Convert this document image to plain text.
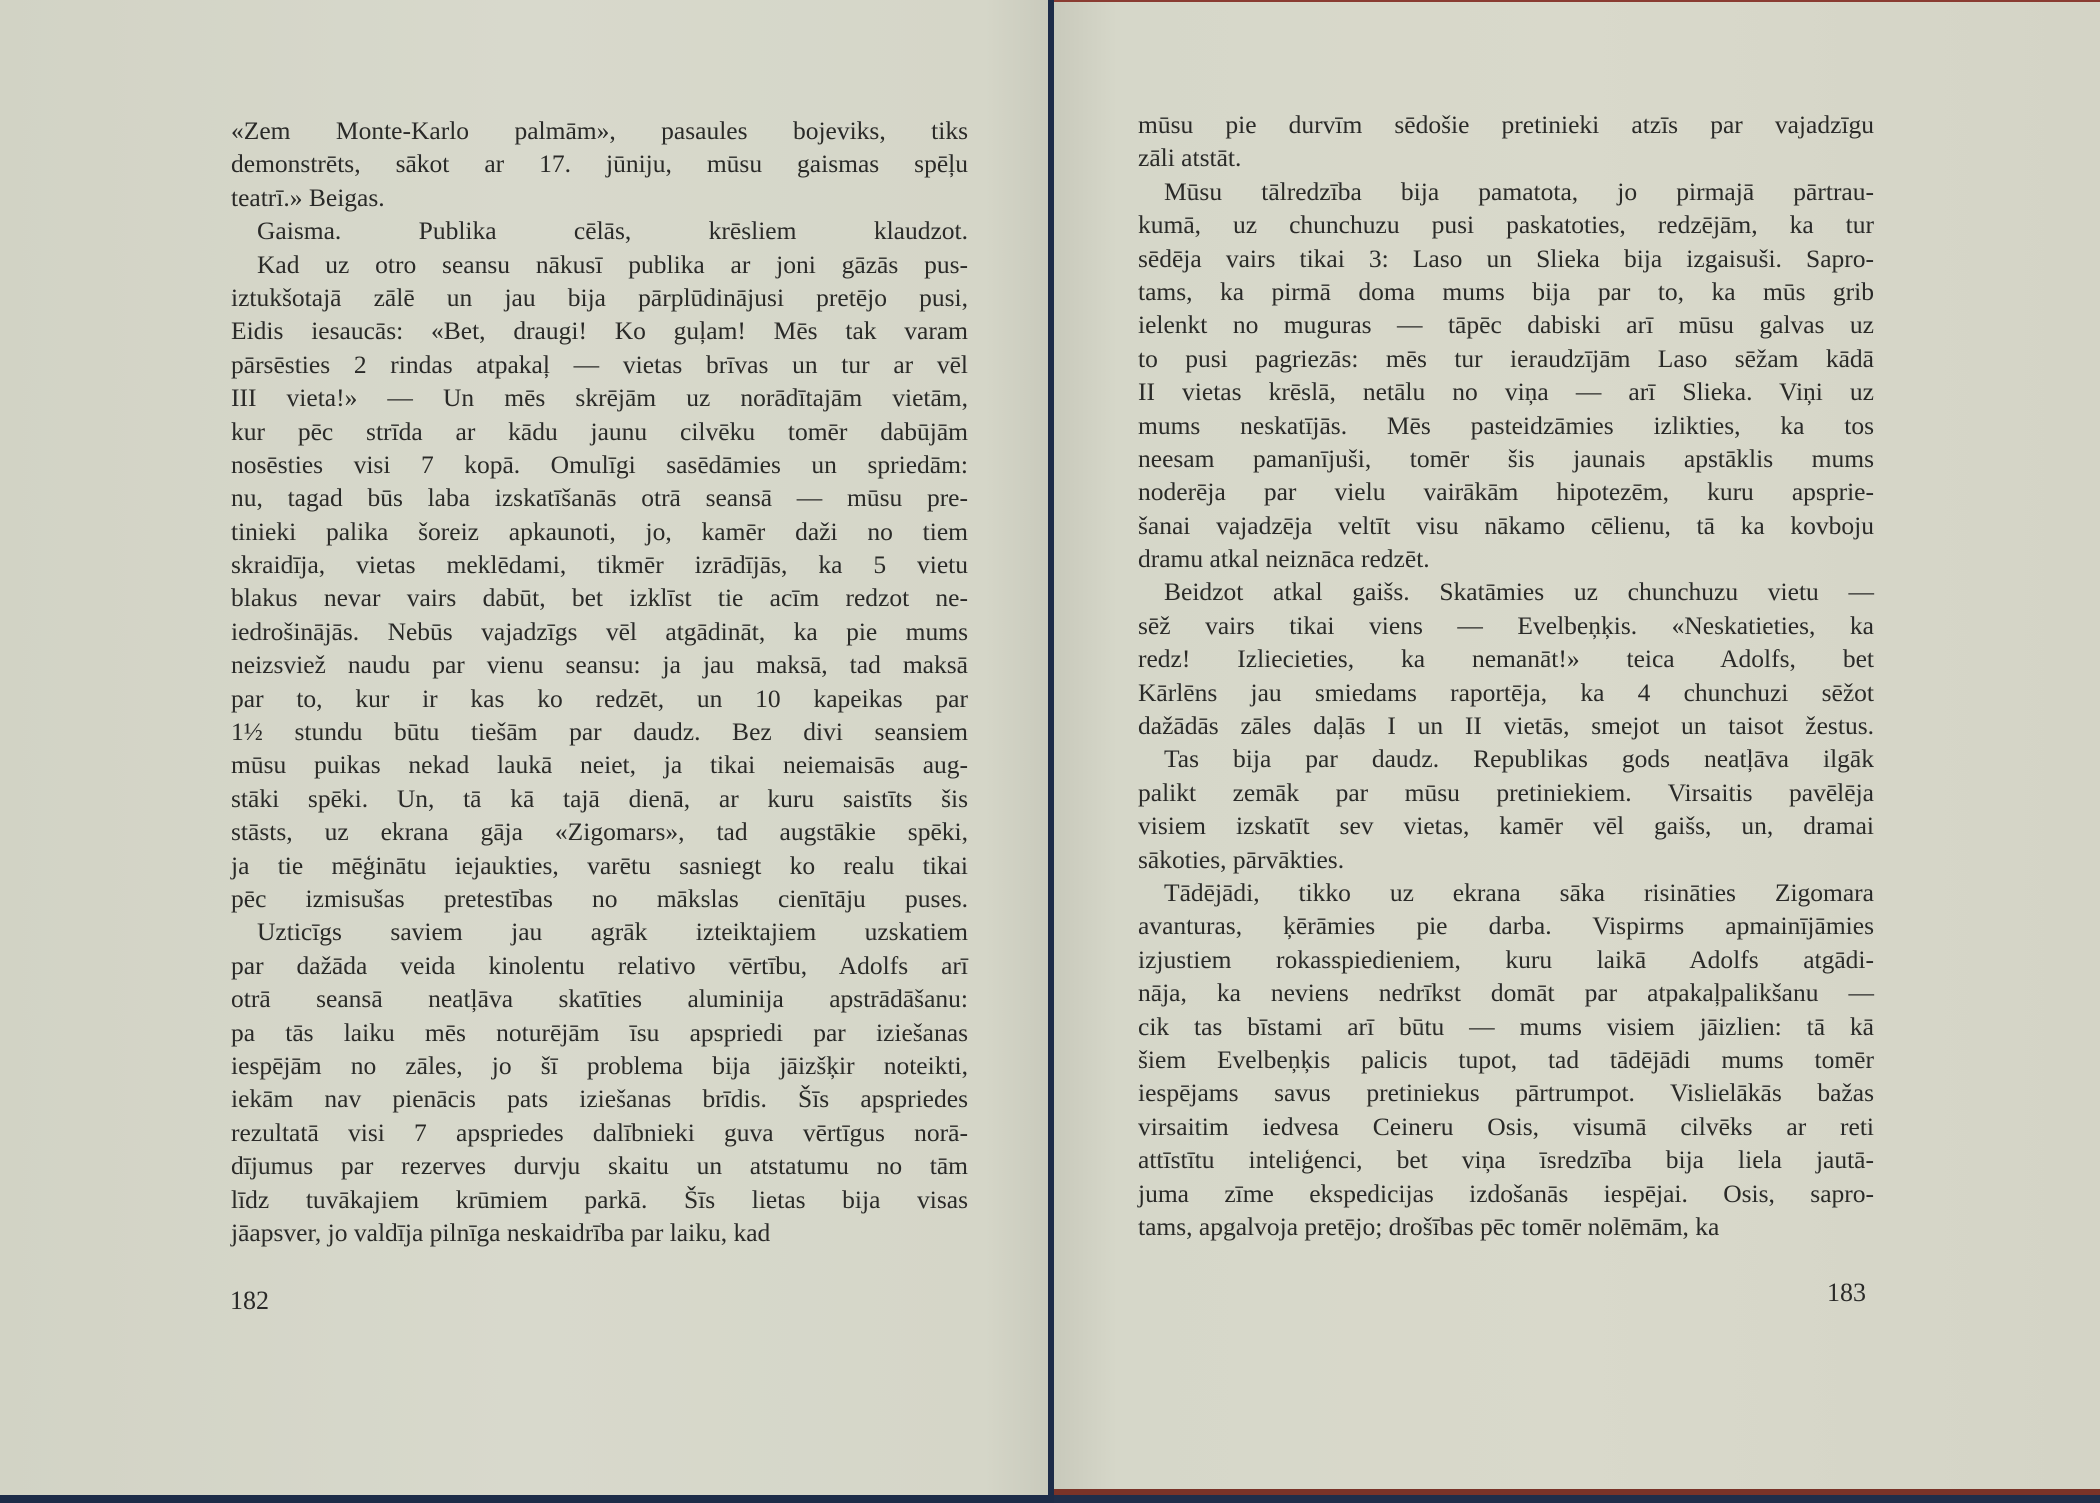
«Zem Monte-Karlo palmām», pasaules bojeviks, tiks
demonstrēts, sākot ar 17. jūniju, mūsu gaismas spēļu
teatrī.» Beigas.
Gaisma. Publika cēlās, krēsliem klaudzot.
Kad uz otro seansu nākusī publika ar joni gāzās pus-
iztukšotajā zālē un jau bija pārplūdinājusi pretējo pusi,
Eidis iesaucās: «Bet, draugi! Ko guļam! Mēs tak varam
pārsēsties 2 rindas atpakaļ — vietas brīvas un tur ar vēl
III vieta!» — Un mēs skrējām uz norādītajām vietām,
kur pēc strīda ar kādu jaunu cilvēku tomēr dabūjām
nosēsties visi 7 kopā. Omulīgi sasēdāmies un spriedām:
nu, tagad būs laba izskatīšanās otrā seansā — mūsu pre-
tinieki palika šoreiz apkaunoti, jo, kamēr daži no tiem
skraidīja, vietas meklēdami, tikmēr izrādījās, ka 5 vietu
blakus nevar vairs dabūt, bet izklīst tie acīm redzot ne-
iedrošinājās. Nebūs vajadzīgs vēl atgādināt, ka pie mums
neizsviež naudu par vienu seansu: ja jau maksā, tad maksā
par to, kur ir kas ko redzēt, un 10 kapeikas par
1½ stundu būtu tiešām par daudz. Bez divi seansiem
mūsu puikas nekad laukā neiet, ja tikai neiemaisās aug-
stāki spēki. Un, tā kā tajā dienā, ar kuru saistīts šis
stāsts, uz ekrana gāja «Zigomars», tad augstākie spēki,
ja tie mēģinātu iejaukties, varētu sasniegt ko realu tikai
pēc izmisušas pretestības no mākslas cienītāju puses.
Uzticīgs saviem jau agrāk izteiktajiem uzskatiem
par dažāda veida kinolentu relativo vērtību, Adolfs arī
otrā seansā neatļāva skatīties aluminija apstrādāšanu:
pa tās laiku mēs noturējām īsu apspriedi par iziešanas
iespējām no zāles, jo šī problema bija jāizšķir noteikti,
iekām nav pienācis pats iziešanas brīdis. Šīs apspriedes
rezultatā visi 7 apspriedes dalībnieki guva vērtīgus norā-
dījumus par rezerves durvju skaitu un atstatumu no tām
līdz tuvākajiem krūmiem parkā. Šīs lietas bija visas
jāapsver, jo valdīja pilnīga neskaidrība par laiku, kad
182
mūsu pie durvīm sēdošie pretinieki atzīs par vajadzīgu
zāli atstāt.
Mūsu tālredzība bija pamatota, jo pirmajā pārtrau-
kumā, uz chunchuzu pusi paskatoties, redzējām, ka tur
sēdēja vairs tikai 3: Laso un Slieka bija izgaisuši. Sapro-
tams, ka pirmā doma mums bija par to, ka mūs grib
ielenkt no muguras — tāpēc dabiski arī mūsu galvas uz
to pusi pagriezās: mēs tur ieraudzījām Laso sēžam kādā
II vietas krēslā, netālu no viņa — arī Slieka. Viņi uz
mums neskatījās. Mēs pasteidzāmies izlikties, ka tos
neesam pamanījuši, tomēr šis jaunais apstāklis mums
noderēja par vielu vairākām hipotezēm, kuru apsprie-
šanai vajadzēja veltīt visu nākamo cēlienu, tā ka kovboju
dramu atkal neiznāca redzēt.
Beidzot atkal gaišs. Skatāmies uz chunchuzu vietu —
sēž vairs tikai viens — Evelbeņķis. «Neskatieties, ka
redz! Izliecieties, ka nemanāt!» teica Adolfs, bet
Kārlēns jau smiedams raportēja, ka 4 chunchuzi sēžot
dažādās zāles daļās I un II vietās, smejot un taisot žestus.
Tas bija par daudz. Republikas gods neatļāva ilgāk
palikt zemāk par mūsu pretiniekiem. Virsaitis pavēlēja
visiem izskatīt sev vietas, kamēr vēl gaišs, un, dramai
sākoties, pārvākties.
Tādējādi, tikko uz ekrana sāka risināties Zigomara
avanturas, ķērāmies pie darba. Vispirms apmainījāmies
izjustiem rokasspiedieniem, kuru laikā Adolfs atgādi-
nāja, ka neviens nedrīkst domāt par atpakaļpalikšanu —
cik tas bīstami arī būtu — mums visiem jāizlien: tā kā
šiem Evelbeņķis palicis tupot, tad tādējādi mums tomēr
iespējams savus pretiniekus pārtrumpot. Vislielākās bažas
virsaitim iedvesa Ceineru Osis, visumā cilvēks ar reti
attīstītu inteliģenci, bet viņa īsredzība bija liela jautā-
juma zīme ekspedicijas izdošanās iespējai. Osis, sapro-
tams, apgalvoja pretējo; drošības pēc tomēr nolēmām, ka
183
